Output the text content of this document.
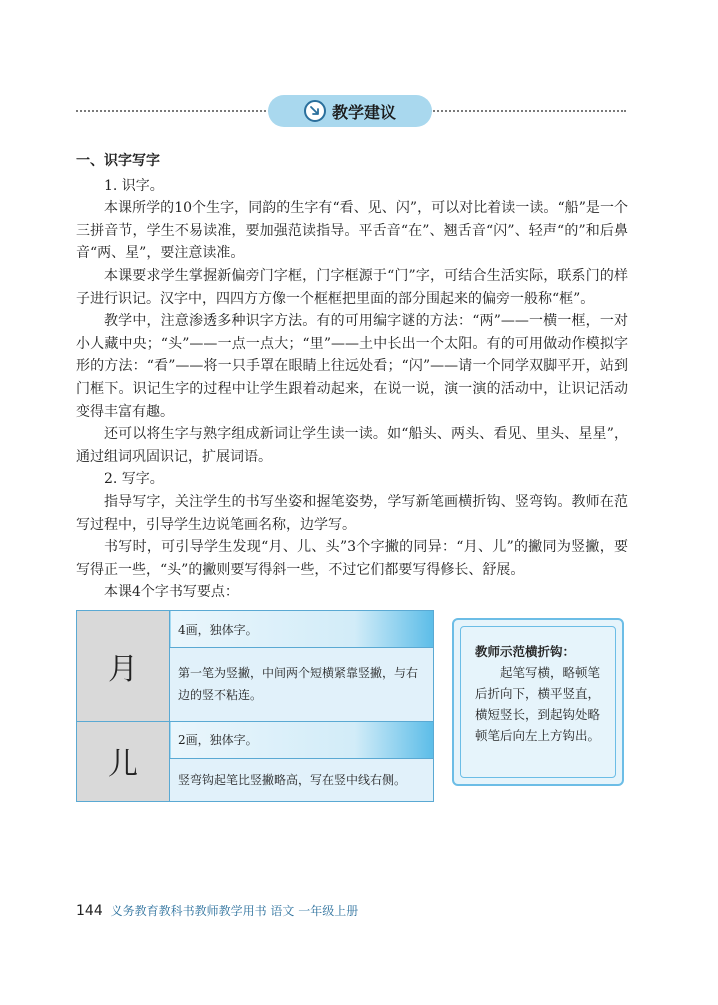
教学建议

一、识字写字

1. 识字。

本课所学的10个生字，同韵的生字有“看、见、闪”，可以对比着读一读。“船”是一个三拼音节，学生不易读准，要加强范读指导。平舌音“在”、翘舌音“闪”、轻声“的”和后鼻音“两、星”，要注意读准。

本课要求学生掌握新偏旁门字框，门字框源于“门”字，可结合生活实际，联系门的样子进行识记。汉字中，四四方方像一个框框把里面的部分围起来的偏旁一般称“框”。

教学中，注意渗透多种识字方法。有的可用编字谜的方法：“两”——一横一框，一对小人藏中央；“头”——一点一点大；“里”——土中长出一个太阳。有的可用做动作模拟字形的方法：“看”——将一只手罩在眼睛上往远处看；“闪”——请一个同学双脚平开，站到门框下。识记生字的过程中让学生跟着动起来，在说一说，演一演的活动中，让识记活动变得丰富有趣。

还可以将生字与熟字组成新词让学生读一读。如“船头、两头、看见、里头、星星”，通过组词巩固识记，扩展词语。

2. 写字。

指导写字，关注学生的书写坐姿和握笔姿势，学写新笔画横折钩、竖弯钩。教师在范写过程中，引导学生边说笔画名称，边学写。

书写时，可引导学生发现“月、儿、头”3个字撇的同异：“月、儿”的撇同为竖撇，要写得正一些，“头”的撇则要写得斜一些，不过它们都要写得修长、舒展。

本课4个字书写要点：

月	4画，独体字。
	第一笔为竖撇，中间两个短横紧靠竖撇，与右边的竖不粘连。
儿	2画，独体字。
	竖弯钩起笔比竖撇略高，写在竖中线右侧。
教师示范横折钩：
起笔写横，略顿笔后折向下，横平竖直，横短竖长，到起钩处略顿笔后向左上方钩出。
144 义务教育教科书教师教学用书 语文 一年级上册
